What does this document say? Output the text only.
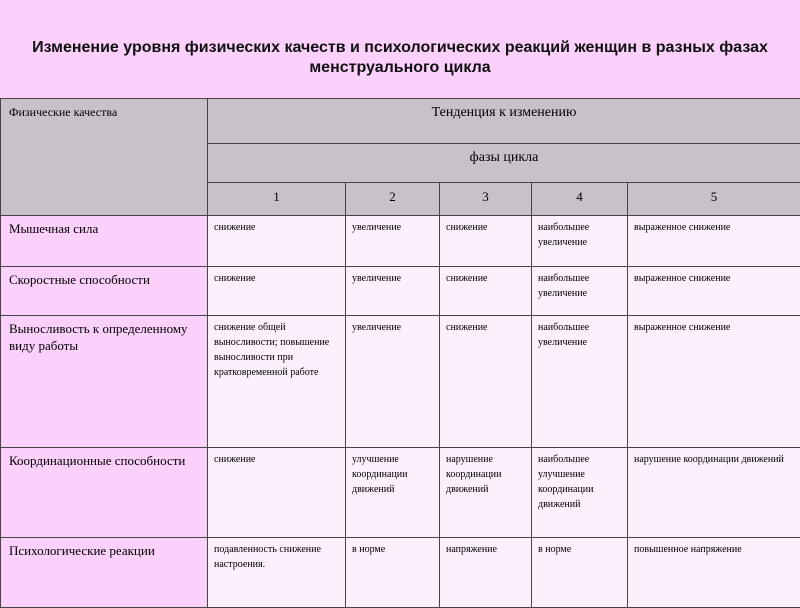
Изменение уровня физических качеств и психологических реакций женщин в разных фазах менструального цикла
Физические качества	Тенденция к изменению				
	фазы цикла				
	1	2	3	4	5
Мышечная сила	снижение	увеличение	снижение	наибольшее увеличение	выраженное снижение
Скоростные способности	снижение	увеличение	снижение	наибольшее увеличение	выраженное снижение
Выносливость к определенному виду работы	снижение общей выносливости; повышение выносливости при кратковременной работе	увеличение	снижение	наибольшее увеличение	выраженное снижение
Координационные способности	снижение	улучшение координации движений	нарушение координации движений	наибольшее улучшение координации движений	нарушение координации движений
Психологические реакции	подавленность снижение настроения.	в норме	напряжение	в норме	повышенное напряжение
